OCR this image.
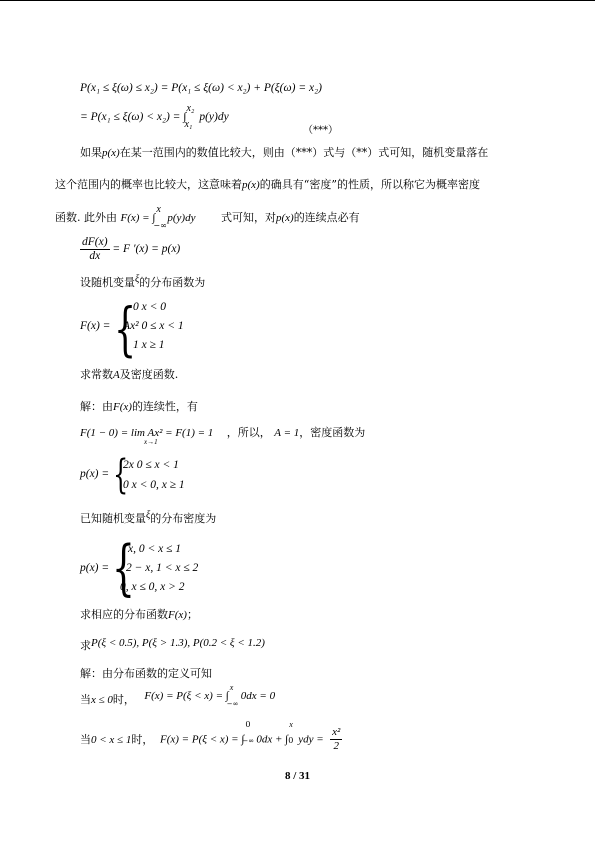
P(x₁ ≤ ξ(ω) ≤ x₂) = P(x₁ ≤ ξ(ω) < x₂) + P(ξ(ω) = x₂)
= P(x₁ ≤ ξ(ω) < x₂) = ∫
x₂
x₁
p(y)dy
（***）
如果p(x)在某一范围内的数值比较大，则由（***）式与（**）式可知，随机变量落在
这个范围内的概率也比较大，这意味着p(x)的确具有“密度”的性质，所以称它为概率密度
函数. 此外由 F(x) = ∫
x
−∞
p(y)dy 式可知，对p(x)的连续点必有
$\frac{dF(x)}{dx} = F$ ′(x) = p(x)
设随机变量ξ的分布函数为
F(x) = {
0 x < 0
Ax² 0 ≤ x < 1
1 x ≥ 1
求常数A及密度函数.
解：由F(x)的连续性，有
F(1 − 0) = lim Ax² = F(1) = 1 ，所以， A = 1，密度函数为
x→1
p(x) = {
2x 0 ≤ x < 1
0 x < 0, x ≥ 1
已知随机变量ξ的分布密度为
p(x) = {
x, 0 < x ≤ 1
2 − x, 1 < x ≤ 2
0, x ≤ 0, x > 2
求相应的分布函数F(x)；
求P(ξ < 0.5), P(ξ > 1.3), P(0.2 < ξ < 1.2)
解：由分布函数的定义可知
当x ≤ 0时， F(x) = P(ξ < x) = ∫
x
−∞
0dx = 0
当0 < x ≤ 1时， F(x) = P(ξ < x) = ∫
0
−∞ 0dx + ∫
x
0 ydy = $\frac{\text{x²}}{2}$
8 / 31
